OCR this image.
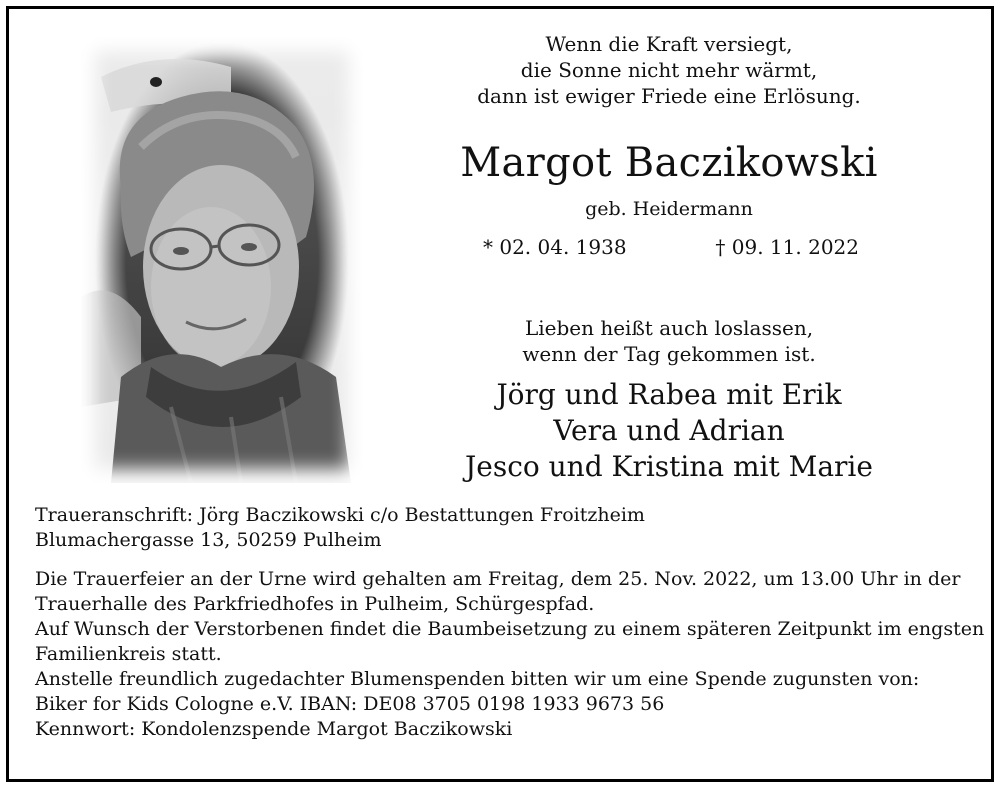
Wenn die Kraft versiegt,
die Sonne nicht mehr wärmt,
dann ist ewiger Friede eine Erlösung.
Margot Baczikowski
geb. Heidermann
* 02. 04. 1938	† 09. 11. 2022
Lieben heißt auch loslassen,
wenn der Tag gekommen ist.
Jörg und Rabea mit Erik
Vera und Adrian
Jesco und Kristina mit Marie
Traueranschrift: Jörg Baczikowski c/o Bestattungen Froitzheim
Blumachergasse 13, 50259 Pulheim
Die Trauerfeier an der Urne wird gehalten am Freitag, dem 25. Nov. 2022, um 13.00 Uhr in der
Trauerhalle des Parkfriedhofes in Pulheim, Schürgespfad.
Auf Wunsch der Verstorbenen findet die Baumbeisetzung zu einem späteren Zeitpunkt im engsten
Familienkreis statt.
Anstelle freundlich zugedachter Blumenspenden bitten wir um eine Spende zugunsten von:
Biker for Kids Cologne e.V. IBAN: DE08 3705 0198 1933 9673 56
Kennwort: Kondolenzspende Margot Baczikowski
